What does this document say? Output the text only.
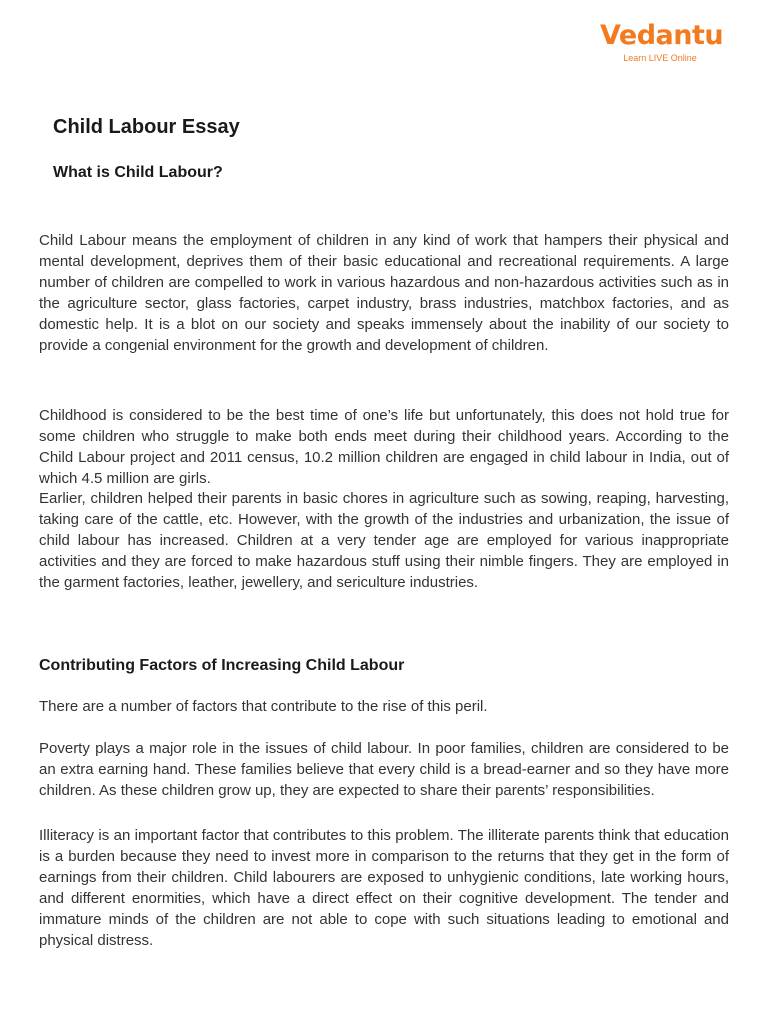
Vedantu
Learn LIVE Online
Child Labour Essay
What is Child Labour?

Child Labour means the employment of children in any kind of work that hampers their physical and mental development, deprives them of their basic educational and recreational requirements. A large number of children are compelled to work in various hazardous and non-hazardous activities such as in the agriculture sector, glass factories, carpet industry, brass industries, matchbox factories, and as domestic help. It is a blot on our society and speaks immensely about the inability of our society to provide a congenial environment for the growth and development of children.

Childhood is considered to be the best time of one’s life but unfortunately, this does not hold true for some children who struggle to make both ends meet during their childhood years. According to the Child Labour project and 2011 census, 10.2 million children are engaged in child labour in India, out of which 4.5 million are girls.

Earlier, children helped their parents in basic chores in agriculture such as sowing, reaping, harvesting, taking care of the cattle, etc. However, with the growth of the industries and urbanization, the issue of child labour has increased. Children at a very tender age are employed for various inappropriate activities and they are forced to make hazardous stuff using their nimble fingers. They are employed in the garment factories, leather, jewellery, and sericulture industries.

Contributing Factors of Increasing Child Labour

There are a number of factors that contribute to the rise of this peril.

Poverty plays a major role in the issues of child labour. In poor families, children are considered to be an extra earning hand. These families believe that every child is a bread-earner and so they have more children. As these children grow up, they are expected to share their parents’ responsibilities.

Illiteracy is an important factor that contributes to this problem. The illiterate parents think that education is a burden because they need to invest more in comparison to the returns that they get in the form of earnings from their children. Child labourers are exposed to unhygienic conditions, late working hours, and different enormities, which have a direct effect on their cognitive development. The tender and immature minds of the children are not able to cope with such situations leading to emotional and physical distress.
